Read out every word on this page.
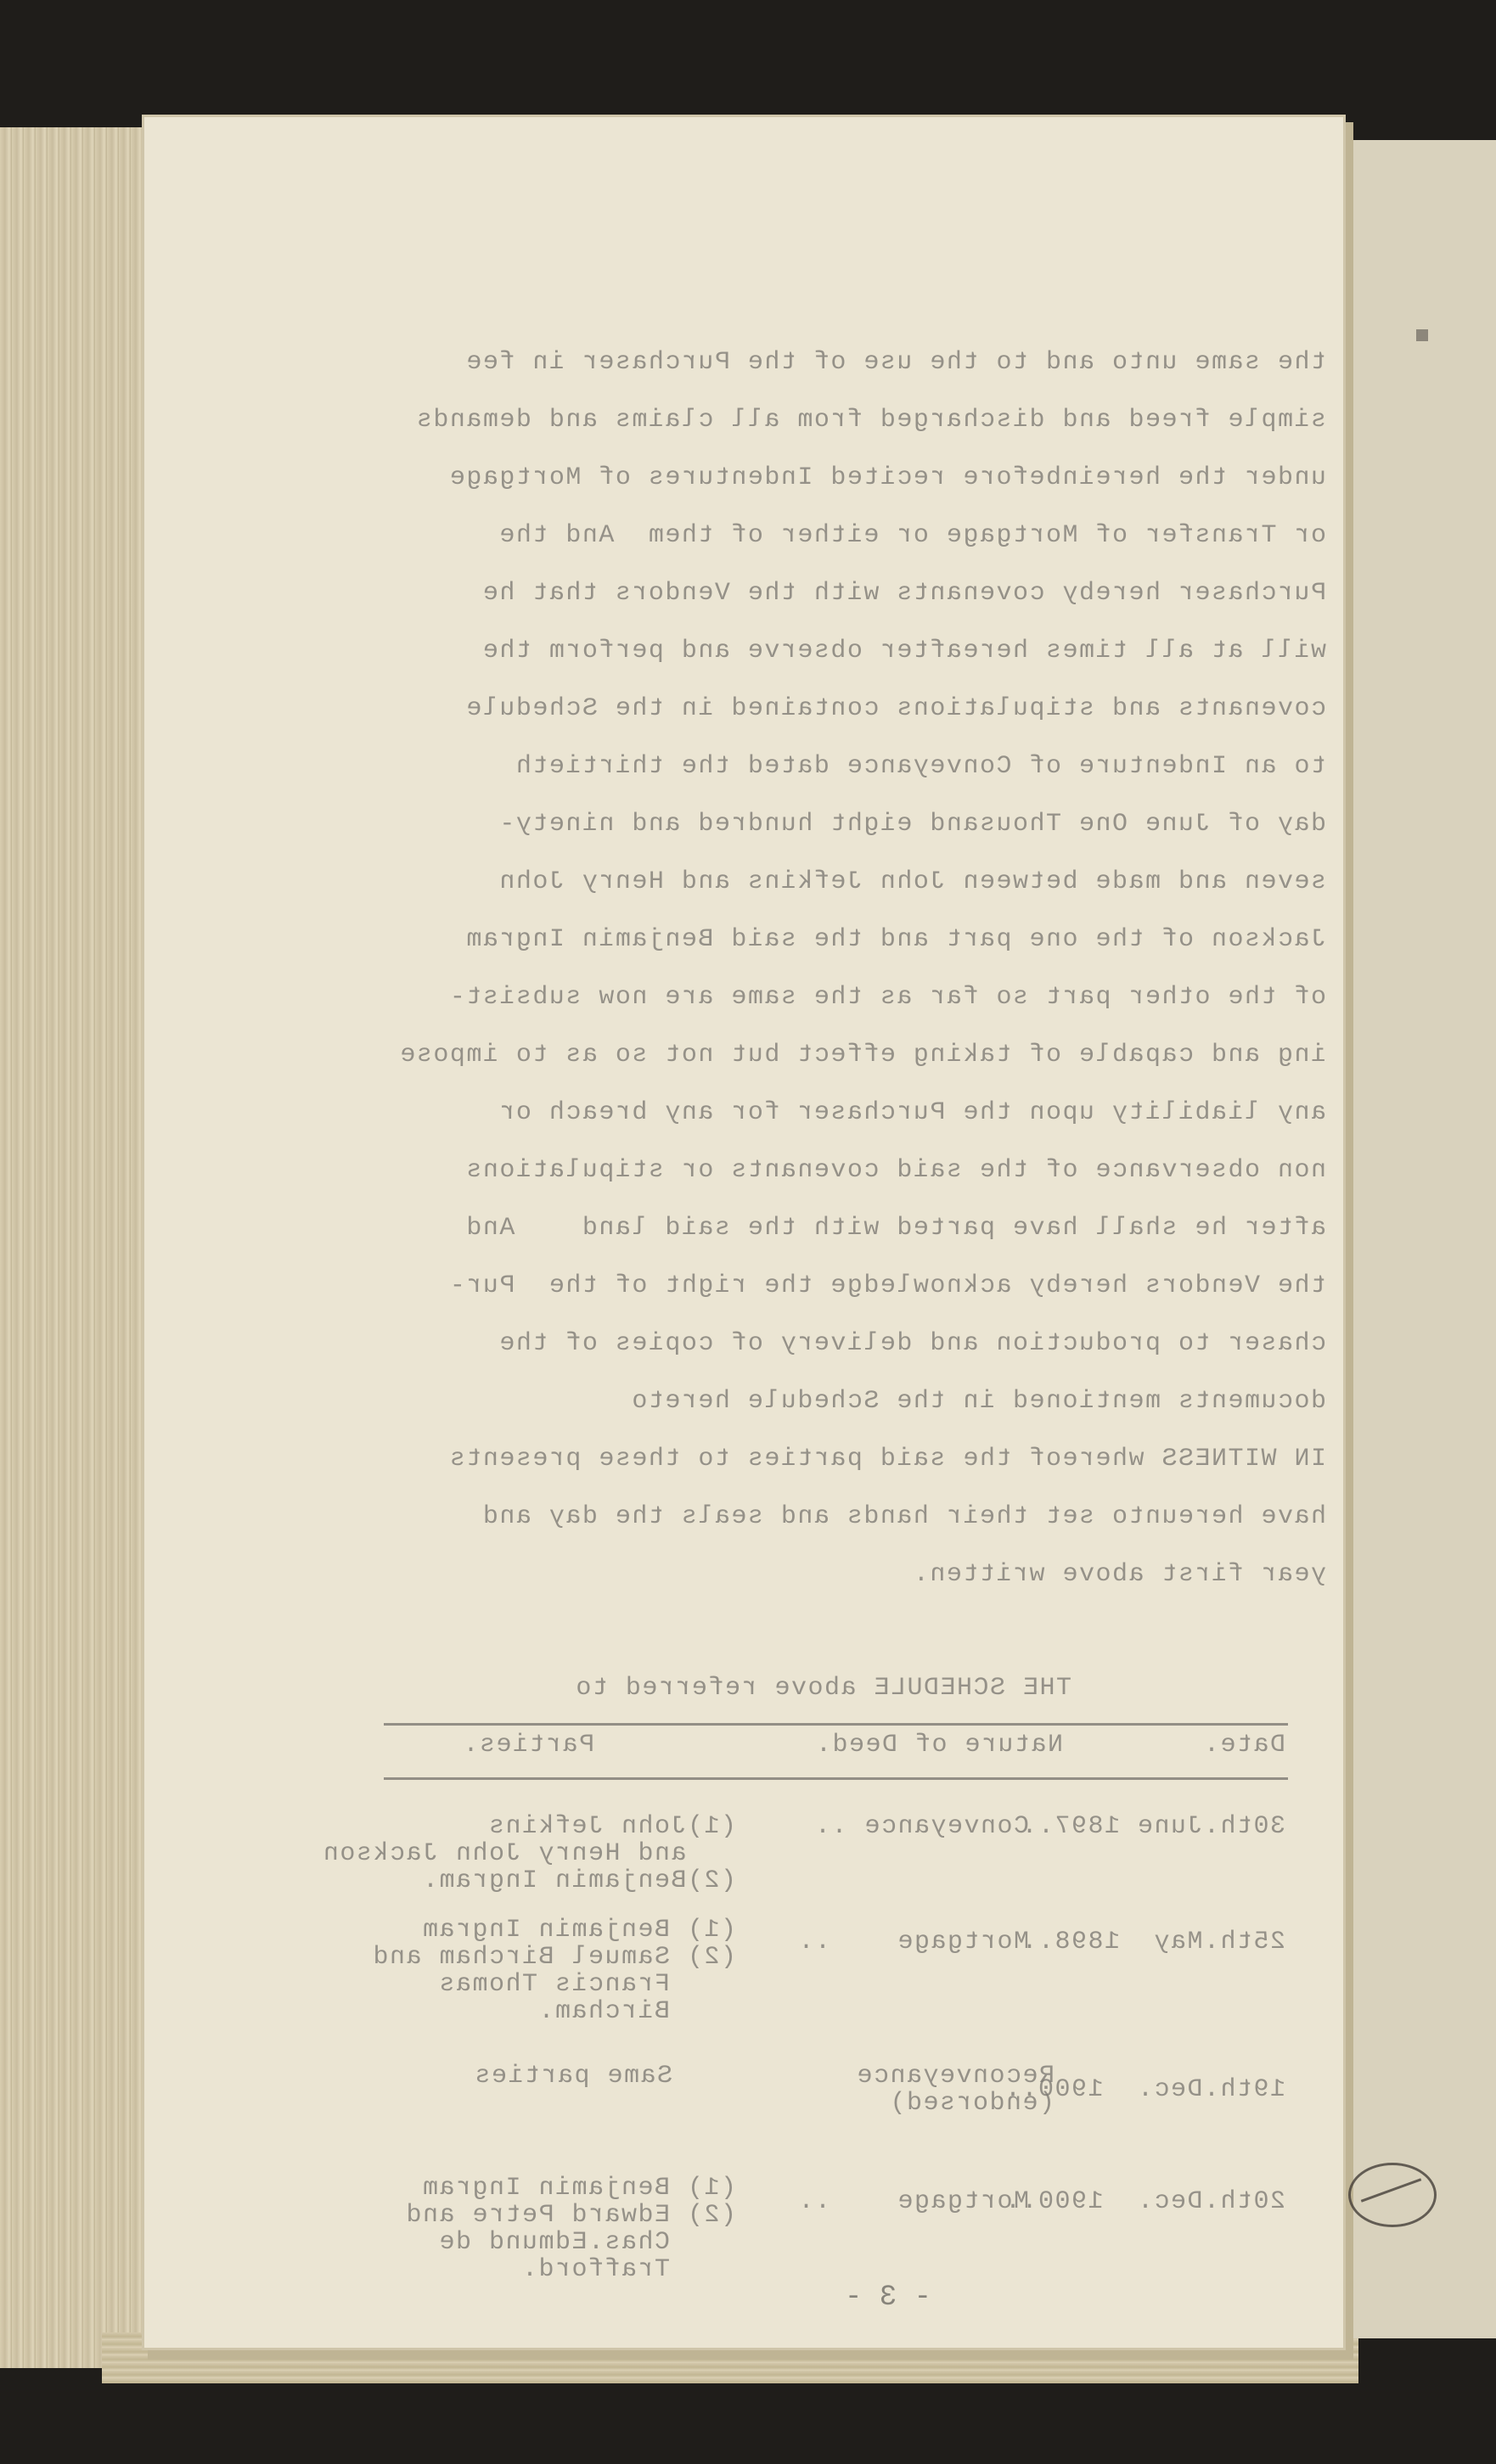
the same unto and to the use of the Purchaser in fee
simple freed and discharged from all claims and demands
under the hereinbefore recited Indentures of Mortgage
or Transfer of Mortgage or either of them  And the
Purchaser hereby covenants with the Vendors that he
will at all times hereafter observe and perform the
covenants and stipulations contained in the Schedule
to an Indenture of Conveyance dated the thirtieth
day of June One Thousand eight hundred and ninety-
seven and made between John Jefkins and Henry John
Jackson of the one part and the said Benjamin Ingram
of the other part so far as the same are now subsist-
ing and capable of taking effect but not so as to impose
any liability upon the Purchaser for any breach or
non observance of the said covenants or stipulations
after he shall have parted with the said land    And
the Vendors hereby acknowledge the right of the  Pur-
chaser to production and delivery of copies of the
documents mentioned in the Schedule hereto
IN WITNESS whereof the said parties to these presents
have hereunto set their hands and seals the day and
year first above written.
THE SCHEDULE above referred to
Date.
Nature of Deed.
Parties.
30th.June 1897..
Conveyance ..
(1)John Jefkins
and Henry John Jackson
(2)Benjamin Ingram.
25th.May  1898..
Mortgage    ..
(1) Benjamin Ingram
(2) Samuel Bircham and
Francis Thomas
Bircham.
19th.Dec.  1900..
Reconveyance
(endorsed)
Same parties
20th.Dec.  1900..
Mortgage    ..
(1) Benjamin Ingram
(2) Edward Petre and
Chas.Edmund de
Trafford.
- 3 -
